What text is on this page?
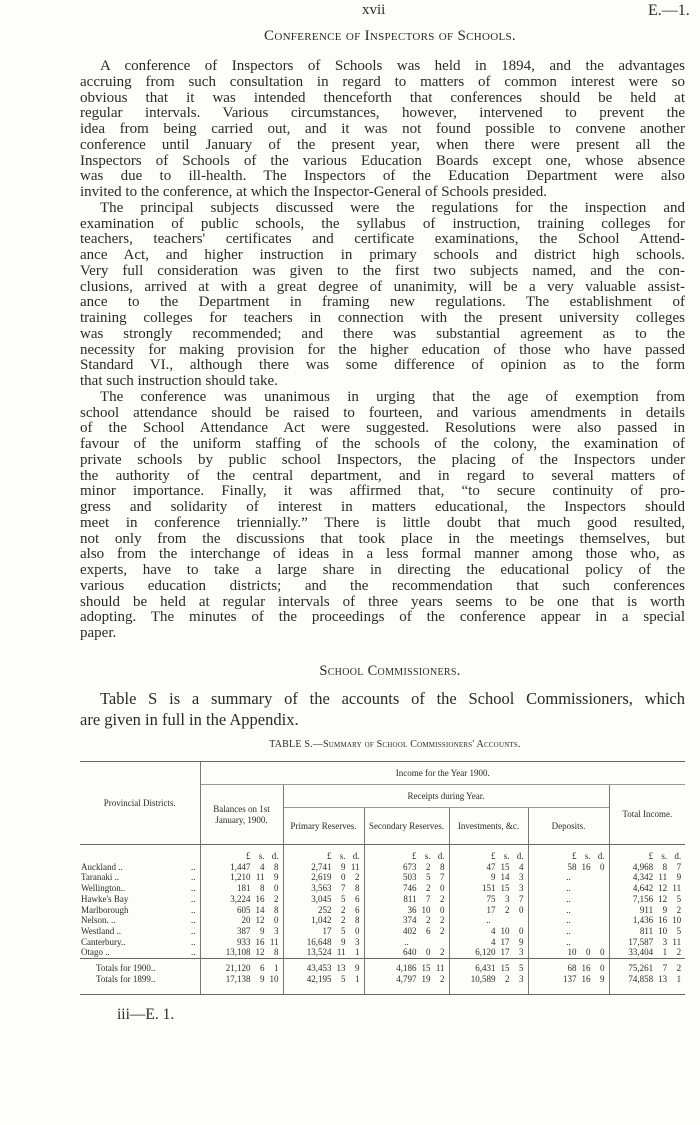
xvii	E.—1.
Conference of Inspectors of Schools.
A conference of Inspectors of Schools was held in 1894, and the advantages
accruing from such consultation in regard to matters of common interest were so
obvious that it was intended thenceforth that conferences should be held at
regular intervals. Various circumstances, however, intervened to prevent the
idea from being carried out, and it was not found possible to convene another
conference until January of the present year, when there were present all the
Inspectors of Schools of the various Education Boards except one, whose absence
was due to ill-health. The Inspectors of the Education Department were also
invited to the conference, at which the Inspector-General of Schools presided.
The principal subjects discussed were the regulations for the inspection and
examination of public schools, the syllabus of instruction, training colleges for
teachers, teachers' certificates and certificate examinations, the School Attend-
ance Act, and higher instruction in primary schools and district high schools.
Very full consideration was given to the first two subjects named, and the con-
clusions, arrived at with a great degree of unanimity, will be a very valuable assist-
ance to the Department in framing new regulations. The establishment of
training colleges for teachers in connection with the present university colleges
was strongly recommended; and there was substantial agreement as to the
necessity for making provision for the higher education of those who have passed
Standard VI., although there was some difference of opinion as to the form
that such instruction should take.
The conference was unanimous in urging that the age of exemption from
school attendance should be raised to fourteen, and various amendments in details
of the School Attendance Act were suggested. Resolutions were also passed in
favour of the uniform staffing of the schools of the colony, the examination of
private schools by public school Inspectors, the placing of the Inspectors under
the authority of the central department, and in regard to several matters of
minor importance. Finally, it was affirmed that, “to secure continuity of pro-
gress and solidarity of interest in matters educational, the Inspectors should
meet in conference triennially.” There is little doubt that much good resulted,
not only from the discussions that took place in the meetings themselves, but
also from the interchange of ideas in a less formal manner among those who, as
experts, have to take a large share in directing the educational policy of the
various education districts; and the recommendation that such conferences
should be held at regular intervals of three years seems to be one that is worth
adopting. The minutes of the proceedings of the conference appear in a special
paper.
School Commissioners.
Table S is a summary of the accounts of the School Commissioners, which
are given in full in the Appendix.
TABLE S.—Summary of School Commissioners' Accounts.
Provincial Districts.	Income for the Year 1900.					
	Balances on 1st January, 1900.	Receipts during Year.				Total Income.
		Primary Reserves.	Secondary Reserves.	Investments, &c.	Deposits.	

	£ s. d.	£ s. d.	£ s. d.	£ s. d.	£ s. d.	£ s. d.

Auckland .. ..	1,447 4 8	2,741 9 11	673 2 8	47 15 4	58 16 0	4,968 8 7

Taranaki .. ..	1,210 11 9	2,619 0 2	503 5 7	9 14 3	..	4,342 11 9

Wellington.. ..	181 8 0	3,563 7 8	746 2 0	151 15 3	..	4,642 12 11

Hawke's Bay ..	3,224 16 2	3,045 5 6	811 7 2	75 3 7	..	7,156 12 5

Marlborough ..	605 14 8	252 2 6	36 10 0	17 2 0	..	911 9 2

Nelson. .. ..	20 12 0	1,042 2 8	374 2 2	..	..	1,436 16 10

Westland .. ..	387 9 3	17 5 0	402 6 2	4 10 0	..	811 10 5

Canterbury.. ..	933 16 11	16,648 9 3	..	4 17 9	..	17,587 3 11

Otago .. ..	13,108 12 8	13,524 11 1	640 0 2	6,120 17 3	10 0 0	33,404 1 2

Totals for 1900..	21,120 6 1	43,453 13 9	4,186 15 11	6,431 15 5	68 16 0	75,261 7 2

Totals for 1899..	17,138 9 10	42,195 5 1	4,797 19 2	10,589 2 3	137 16 9	74,858 13 1

iii—E. 1.
